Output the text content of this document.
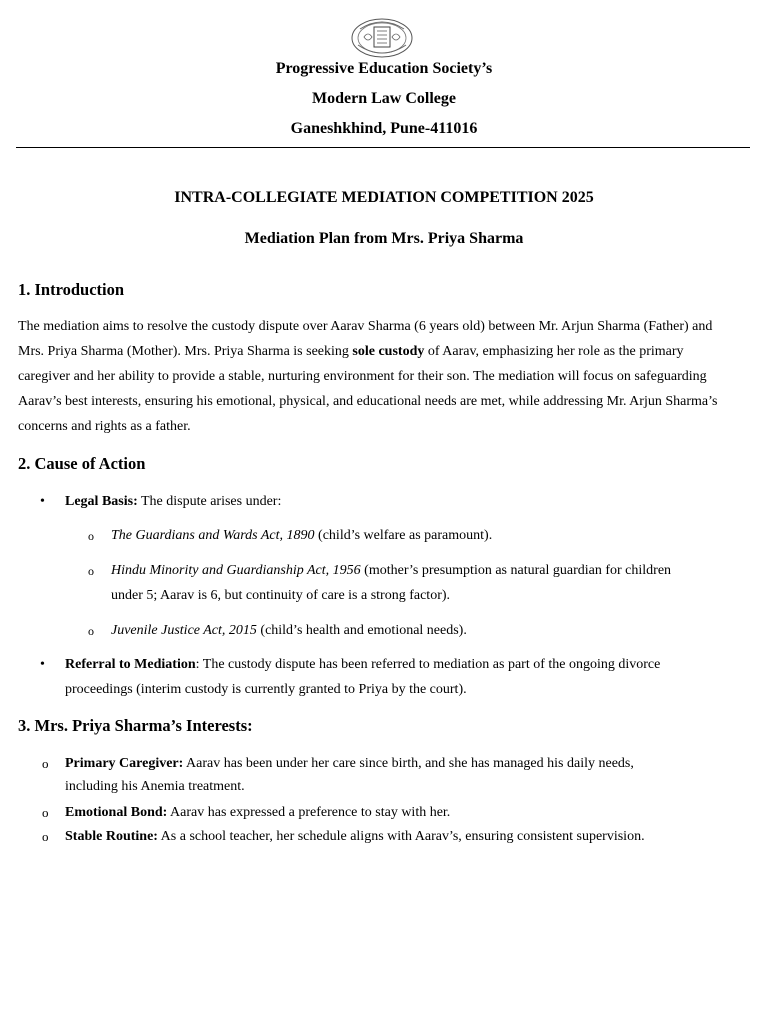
Progressive Education Society’s
Modern Law College
Ganeshkhind, Pune-411016
INTRA-COLLEGIATE MEDIATION COMPETITION 2025
Mediation Plan from Mrs. Priya Sharma
1. Introduction

The mediation aims to resolve the custody dispute over Aarav Sharma (6 years old) between Mr. Arjun Sharma (Father) and Mrs. Priya Sharma (Mother). Mrs. Priya Sharma is seeking sole custody of Aarav, emphasizing her role as the primary caregiver and her ability to provide a stable, nurturing environment for their son. The mediation will focus on safeguarding Aarav’s best interests, ensuring his emotional, physical, and educational needs are met, while addressing Mr. Arjun Sharma’s concerns and rights as a father.

2. Cause of Action
• Legal Basis: The dispute arises under:
o The Guardians and Wards Act, 1890 (child’s welfare as paramount).
o Hindu Minority and Guardianship Act, 1956 (mother’s presumption as natural guardian for children
under 5; Aarav is 6, but continuity of care is a strong factor).
o Juvenile Justice Act, 2015 (child’s health and emotional needs).
• Referral to Mediation: The custody dispute has been referred to mediation as part of the ongoing divorce
proceedings (interim custody is currently granted to Priya by the court).
3. Mrs. Priya Sharma’s Interests:
o Primary Caregiver: Aarav has been under her care since birth, and she has managed his daily needs,
including his Anemia treatment.
o Emotional Bond: Aarav has expressed a preference to stay with her.
o Stable Routine: As a school teacher, her schedule aligns with Aarav’s, ensuring consistent supervision.
